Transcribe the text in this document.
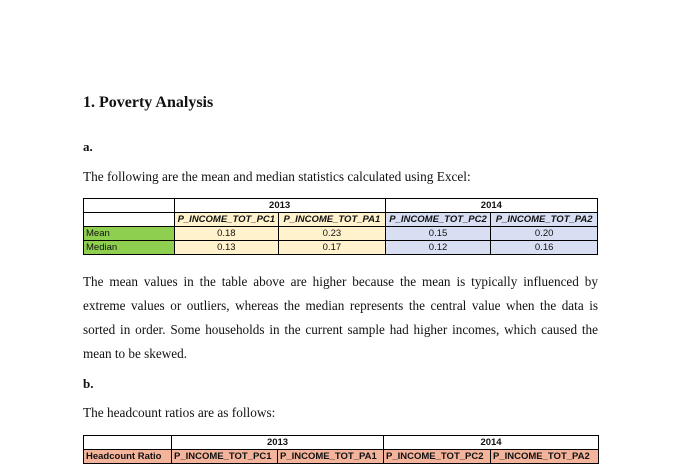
1. Poverty Analysis

a.

The following are the mean and median statistics calculated using Excel:

	2013		2014	
	P_INCOME_TOT_PC1	P_INCOME_TOT_PA1	P_INCOME_TOT_PC2	P_INCOME_TOT_PA2
Mean	0.18	0.23	0.15	0.20
Median	0.13	0.17	0.12	0.16

The mean values in the table above are higher because the mean is typically influenced by extreme values or outliers, whereas the median represents the central value when the data is sorted in order. Some households in the current sample had higher incomes, which caused the mean to be skewed.

b.

The headcount ratios are as follows:

	2013		2014	
Headcount Ratio	P_INCOME_TOT_PC1	P_INCOME_TOT_PA1	P_INCOME_TOT_PC2	P_INCOME_TOT_PA2
